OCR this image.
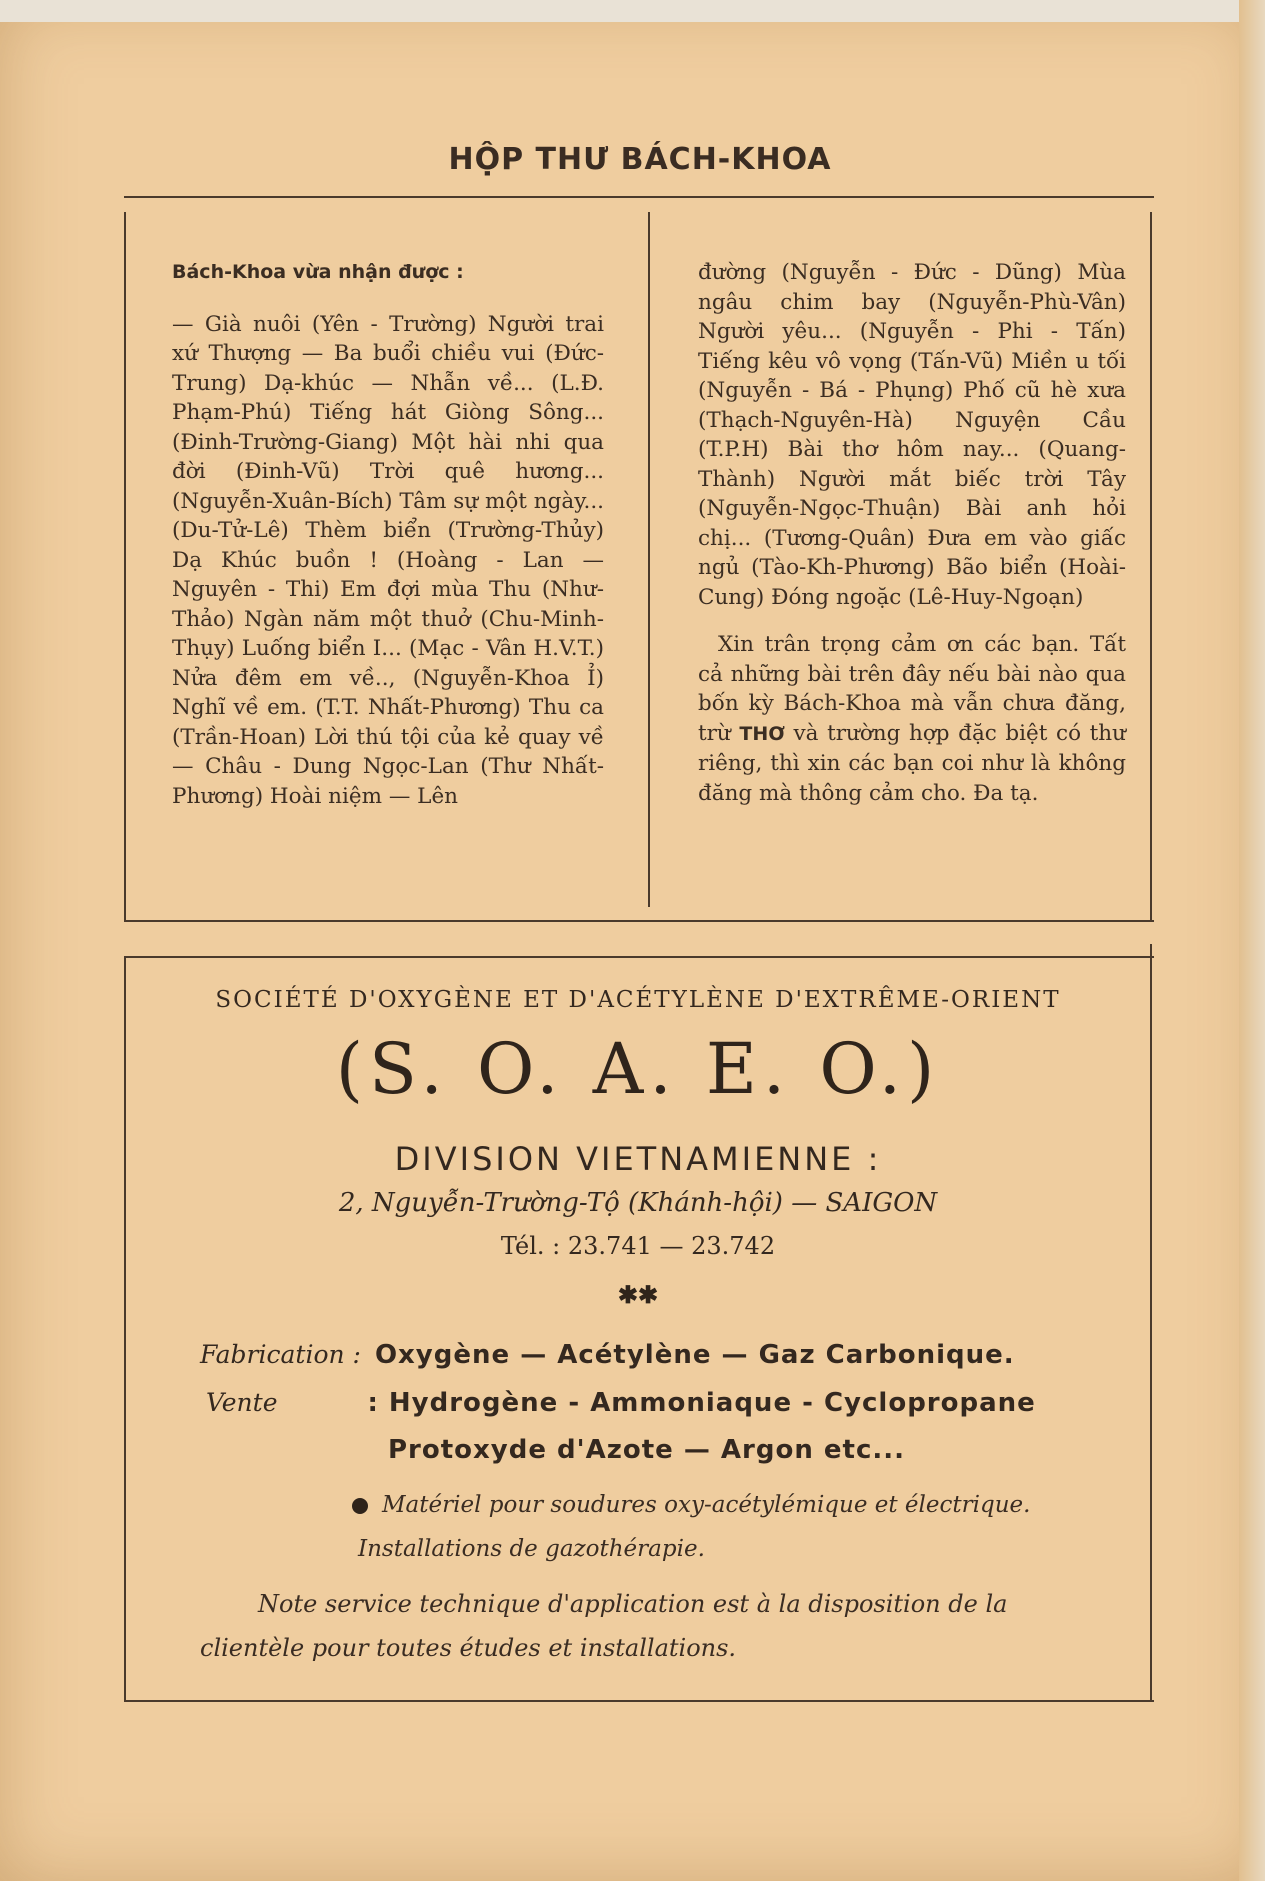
HỘP THƯ BÁCH-KHOA

Bách-Khoa vừa nhận được :

— Già nuôi (Yên - Trường) Người trai xứ Thượng — Ba buổi chiều vui (Đức-Trung) Dạ-khúc — Nhẫn về... (L.Đ. Phạm-Phú) Tiếng hát Giòng Sông... (Đinh-Trường-Giang) Một hài nhi qua đời (Đinh-Vũ) Trời quê hương... (Nguyễn-Xuân-Bích) Tâm sự một ngày... (Du-Tử-Lê) Thèm biển (Trường-Thủy) Dạ Khúc buồn ! (Hoàng - Lan — Nguyên - Thi) Em đợi mùa Thu (Như-Thảo) Ngàn năm một thuở (Chu-Minh-Thụy) Luống biển I... (Mạc - Vân H.V.T.) Nửa đêm em về.., (Nguyễn-Khoa Ỉ) Nghĩ về em. (T.T. Nhất-Phương) Thu ca (Trần-Hoan) Lời thú tội của kẻ quay về — Châu - Dung Ngọc-Lan (Thư Nhất-Phương) Hoài niệm — Lên

đường (Nguyễn - Đức - Dũng) Mùa ngâu chim bay (Nguyễn-Phù-Vân) Người yêu... (Nguyễn - Phi - Tấn) Tiếng kêu vô vọng (Tấn-Vũ) Miền u tối (Nguyễn - Bá - Phụng) Phố cũ hè xưa (Thạch-Nguyên-Hà) Nguyện Cầu (T.P.H) Bài thơ hôm nay... (Quang-Thành) Người mắt biếc trời Tây (Nguyễn-Ngọc-Thuận) Bài anh hỏi chị... (Tương-Quân) Đưa em vào giấc ngủ (Tào-Kh-Phương) Bão biển (Hoài-Cung) Đóng ngoặc (Lê-Huy-Ngoạn)

Xin trân trọng cảm ơn các bạn. Tất cả những bài trên đây nếu bài nào qua bốn kỳ Bách-Khoa mà vẫn chưa đăng, trừ THƠ và trường hợp đặc biệt có thư riêng, thì xin các bạn coi như là không đăng mà thông cảm cho. Đa tạ.

SOCIÉTÉ D'OXYGÈNE ET D'ACÉTYLÈNE D'EXTRÊME-ORIENT
(S. O. A. E. O.)
DIVISION VIETNAMIENNE :
2, Nguyễn-Trường-Tộ (Khánh-hội) — SAIGON
Tél. : 23.741 — 23.742
✱✱
Fabrication : Oxygène — Acétylène — Gaz Carbonique.
Vente	: Hydrogène - Ammoniaque - Cyclopropane
Protoxyde d'Azote — Argon etc...
Matériel pour soudures oxy-acétylémique et électrique.
Installations de gazothérapie.
Note service technique d'application est à la disposition de la
clientèle pour toutes études et installations.
